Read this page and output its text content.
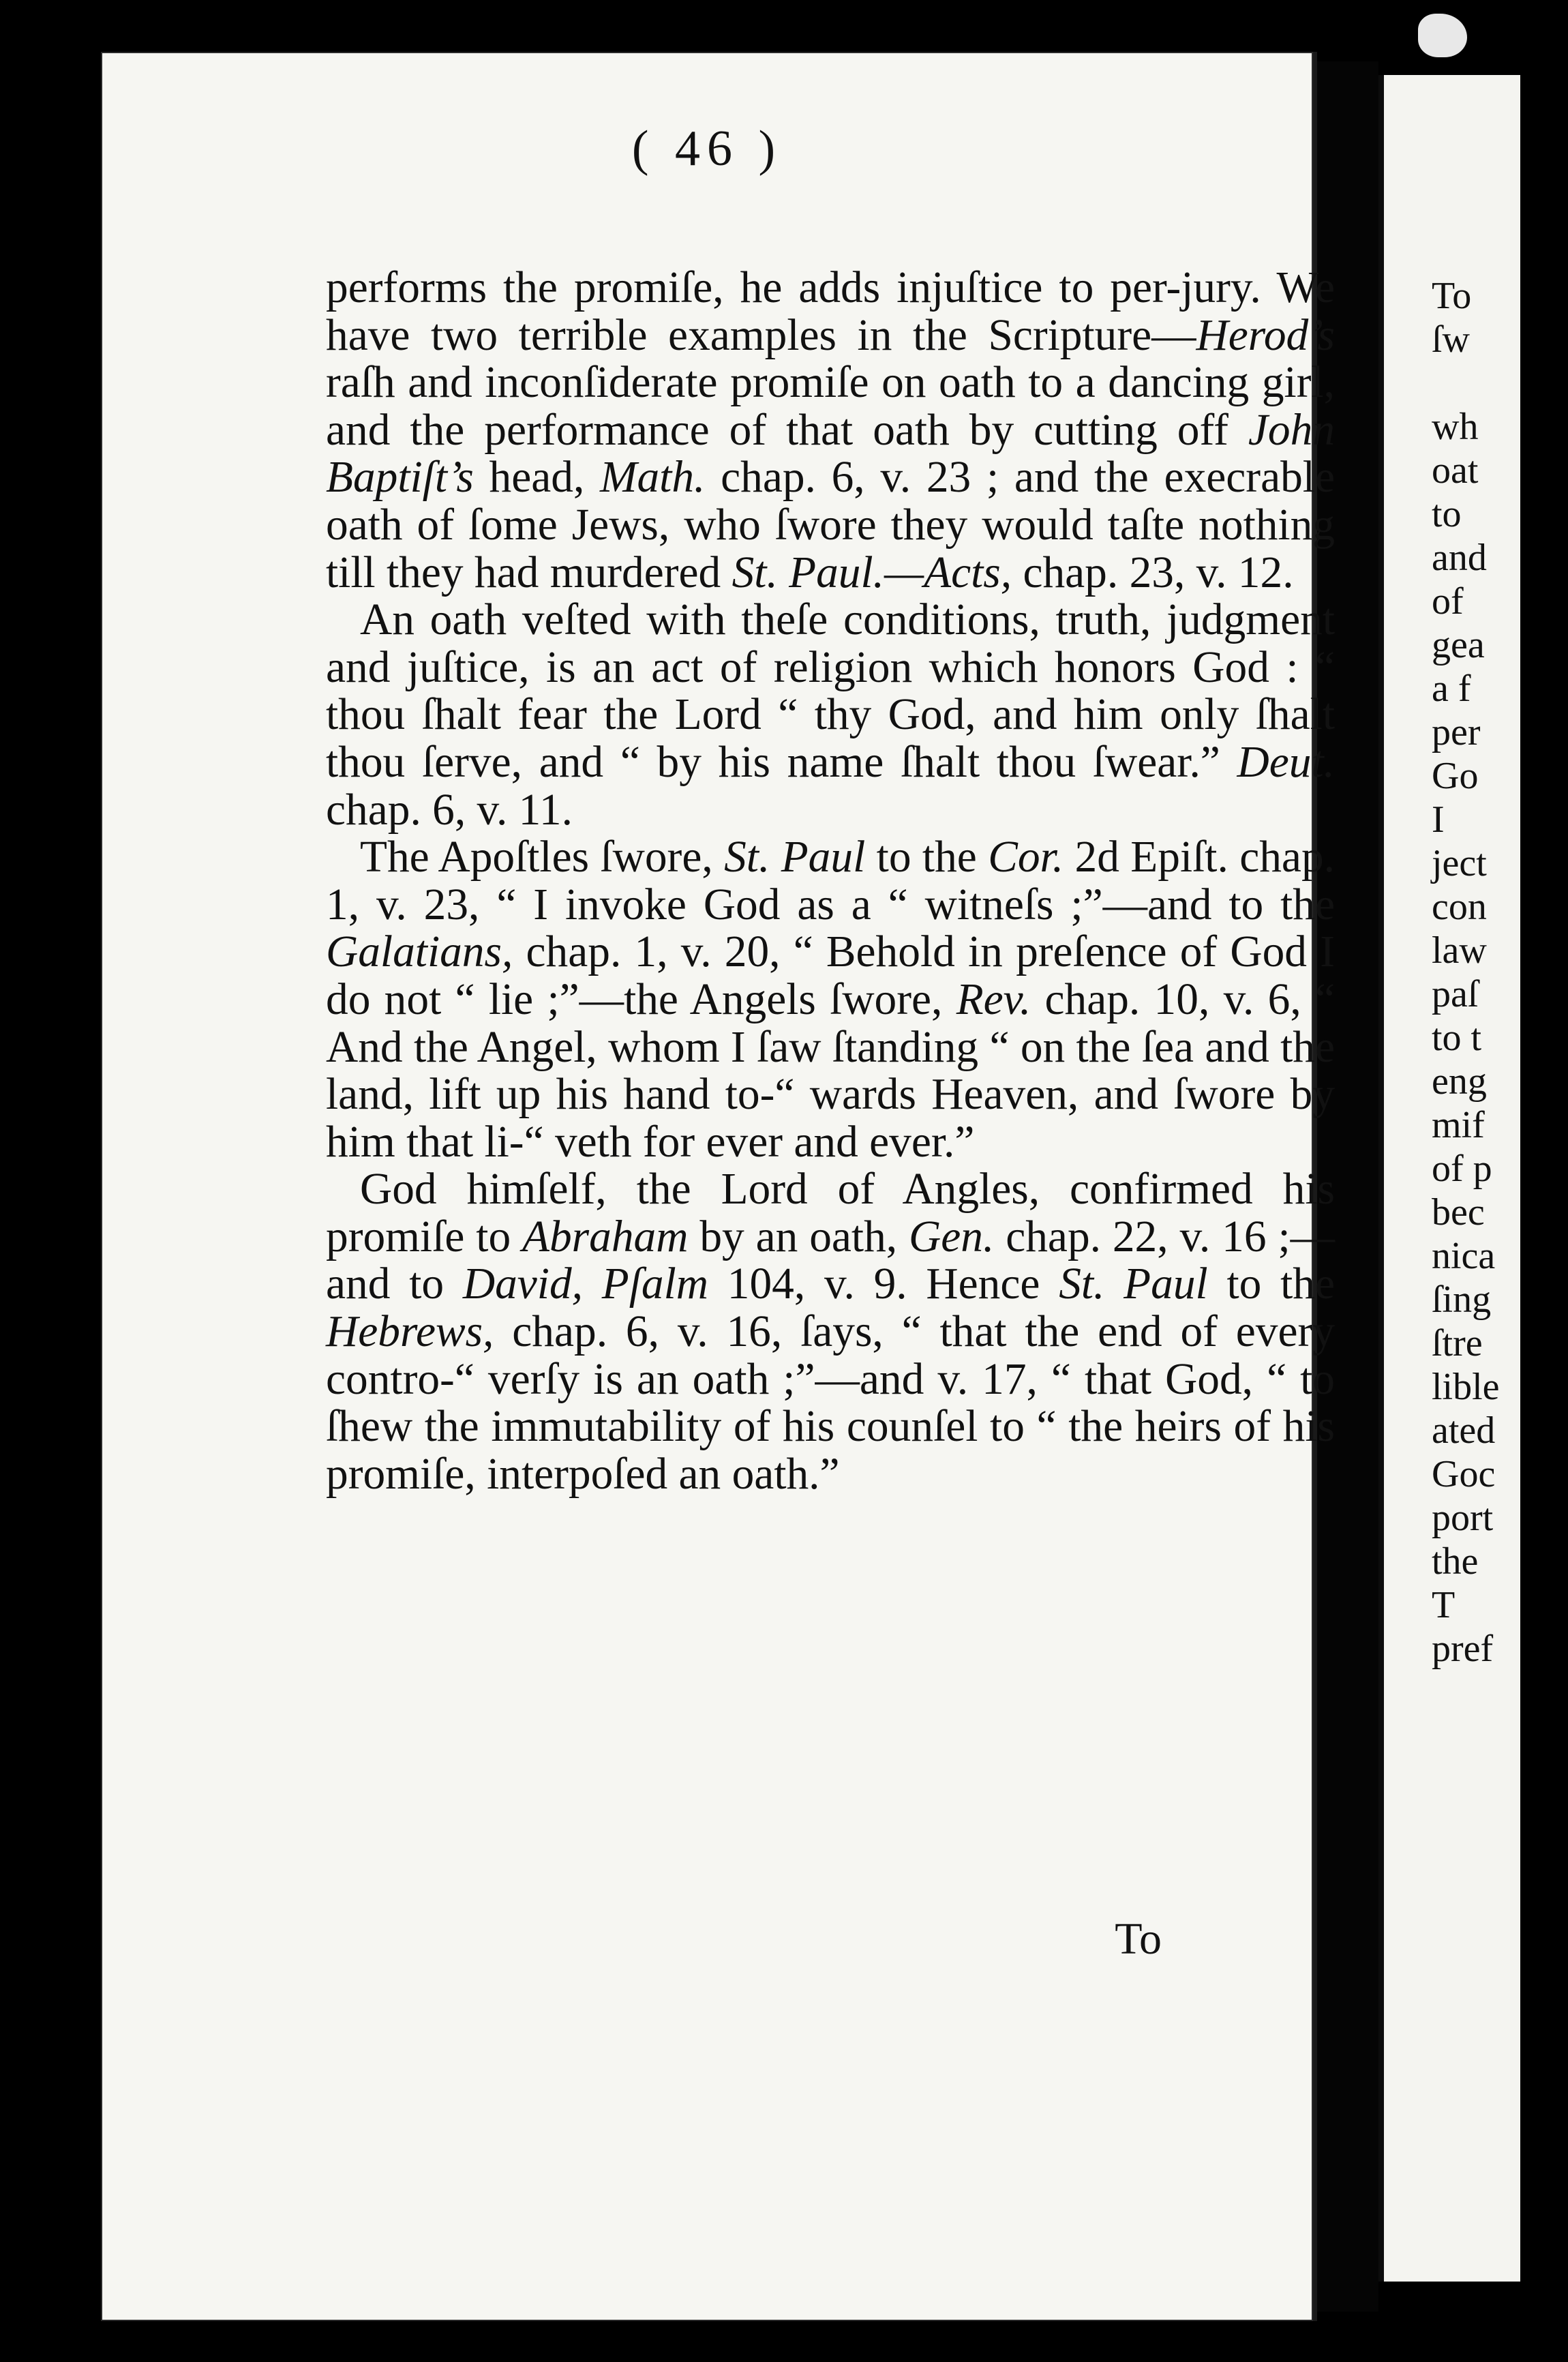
( 46 )

performs the promiſe, he adds injuſtice to per-jury. We have two terrible examples in the Scripture—Herod’s raſh and inconſiderate promiſe on oath to a dancing girl, and the performance of that oath by cutting off John Baptiſt’s head, Math. chap. 6, v. 23 ; and the execrable oath of ſome Jews, who ſwore they would taſte nothing till they had murdered St. Paul.—Acts, chap. 23, v. 12.

An oath veſted with theſe conditions, truth, judgment and juſtice, is an act of religion which honors God : “ thou ſhalt fear the Lord “ thy God, and him only ſhalt thou ſerve, and “ by his name ſhalt thou ſwear.” Deut. chap. 6, v. 11.

The Apoſtles ſwore, St. Paul to the Cor. 2d Epiſt. chap. 1, v. 23, “ I invoke God as a “ witneſs ;”—and to the Galatians, chap. 1, v. 20, “ Behold in preſence of God I do not “ lie ;”—the Angels ſwore, Rev. chap. 10, v. 6, “ And the Angel, whom I ſaw ſtanding “ on the ſea and the land, lift up his hand to-“ wards Heaven, and ſwore by him that li-“ veth for ever and ever.”

God himſelf, the Lord of Angles, confirmed his promiſe to Abraham by an oath, Gen. chap. 22, v. 16 ;—and to David, Pſalm 104, v. 9. Hence St. Paul to the Hebrews, chap. 6, v. 16, ſays, “ that the end of every contro-“ verſy is an oath ;”—and v. 17, “ that God, “ to ſhew the immutability of his counſel to “ the heirs of his promiſe, interpoſed an oath.”

To
To
ſw
wh
oat
to
and
of
gea
a f
per
Go
I
ject
con
law
paſ
to t
eng
mif
of p
bec
nica
ſing
ſtre
lible
ated
Goc
port
the
T
pref
